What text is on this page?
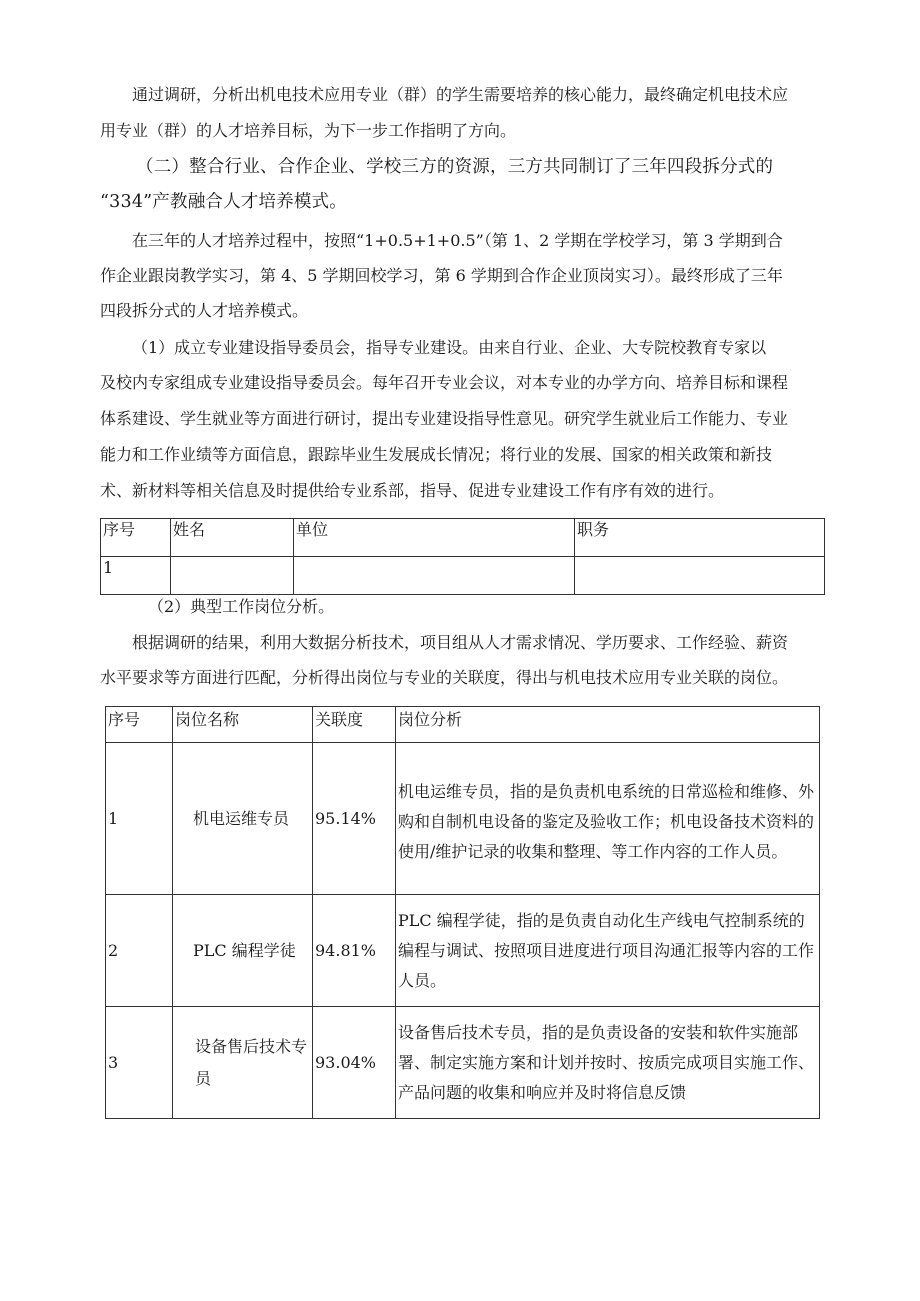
通过调研，分析出机电技术应用专业（群）的学生需要培养的核心能力，最终确定机电技术应
用专业（群）的人才培养目标，为下一步工作指明了方向。
（二）整合行业、合作企业、学校三方的资源，三方共同制订了三年四段拆分式的
“334”产教融合人才培养模式。
在三年的人才培养过程中，按照“1+0.5+1+0.5”（第 1、2 学期在学校学习，第 3 学期到合
作企业跟岗教学实习，第 4、5 学期回校学习，第 6 学期到合作企业顶岗实习）。最终形成了三年
四段拆分式的人才培养模式。
（1）成立专业建设指导委员会，指导专业建设。由来自行业、企业、大专院校教育专家以
及校内专家组成专业建设指导委员会。每年召开专业会议，对本专业的办学方向、培养目标和课程
体系建设、学生就业等方面进行研讨，提出专业建设指导性意见。研究学生就业后工作能力、专业
能力和工作业绩等方面信息，跟踪毕业生发展成长情况；将行业的发展、国家的相关政策和新技
术、新材料等相关信息及时提供给专业系部，指导、促进专业建设工作有序有效的进行。
序号	姓名	单位	职务
1			
（2）典型工作岗位分析。
根据调研的结果，利用大数据分析技术，项目组从人才需求情况、学历要求、工作经验、薪资
水平要求等方面进行匹配，分析得出岗位与专业的关联度，得出与机电技术应用专业关联的岗位。
序号	岗位名称	关联度	岗位分析
1	机电运维专员	95.14%	机电运维专员，指的是负责机电系统的日常巡检和维修、外购和自制机电设备的鉴定及验收工作；机电设备技术资料的使用/维护记录的收集和整理、等工作内容的工作人员。
2	PLC 编程学徒	94.81%	PLC 编程学徒，指的是负责自动化生产线电气控制系统的编程与调试、按照项目进度进行项目沟通汇报等内容的工作人员。
3	设备售后技术专
员	93.04%	设备售后技术专员，指的是负责设备的安装和软件实施部署、制定实施方案和计划并按时、按质完成项目实施工作、产品问题的收集和响应并及时将信息反馈
